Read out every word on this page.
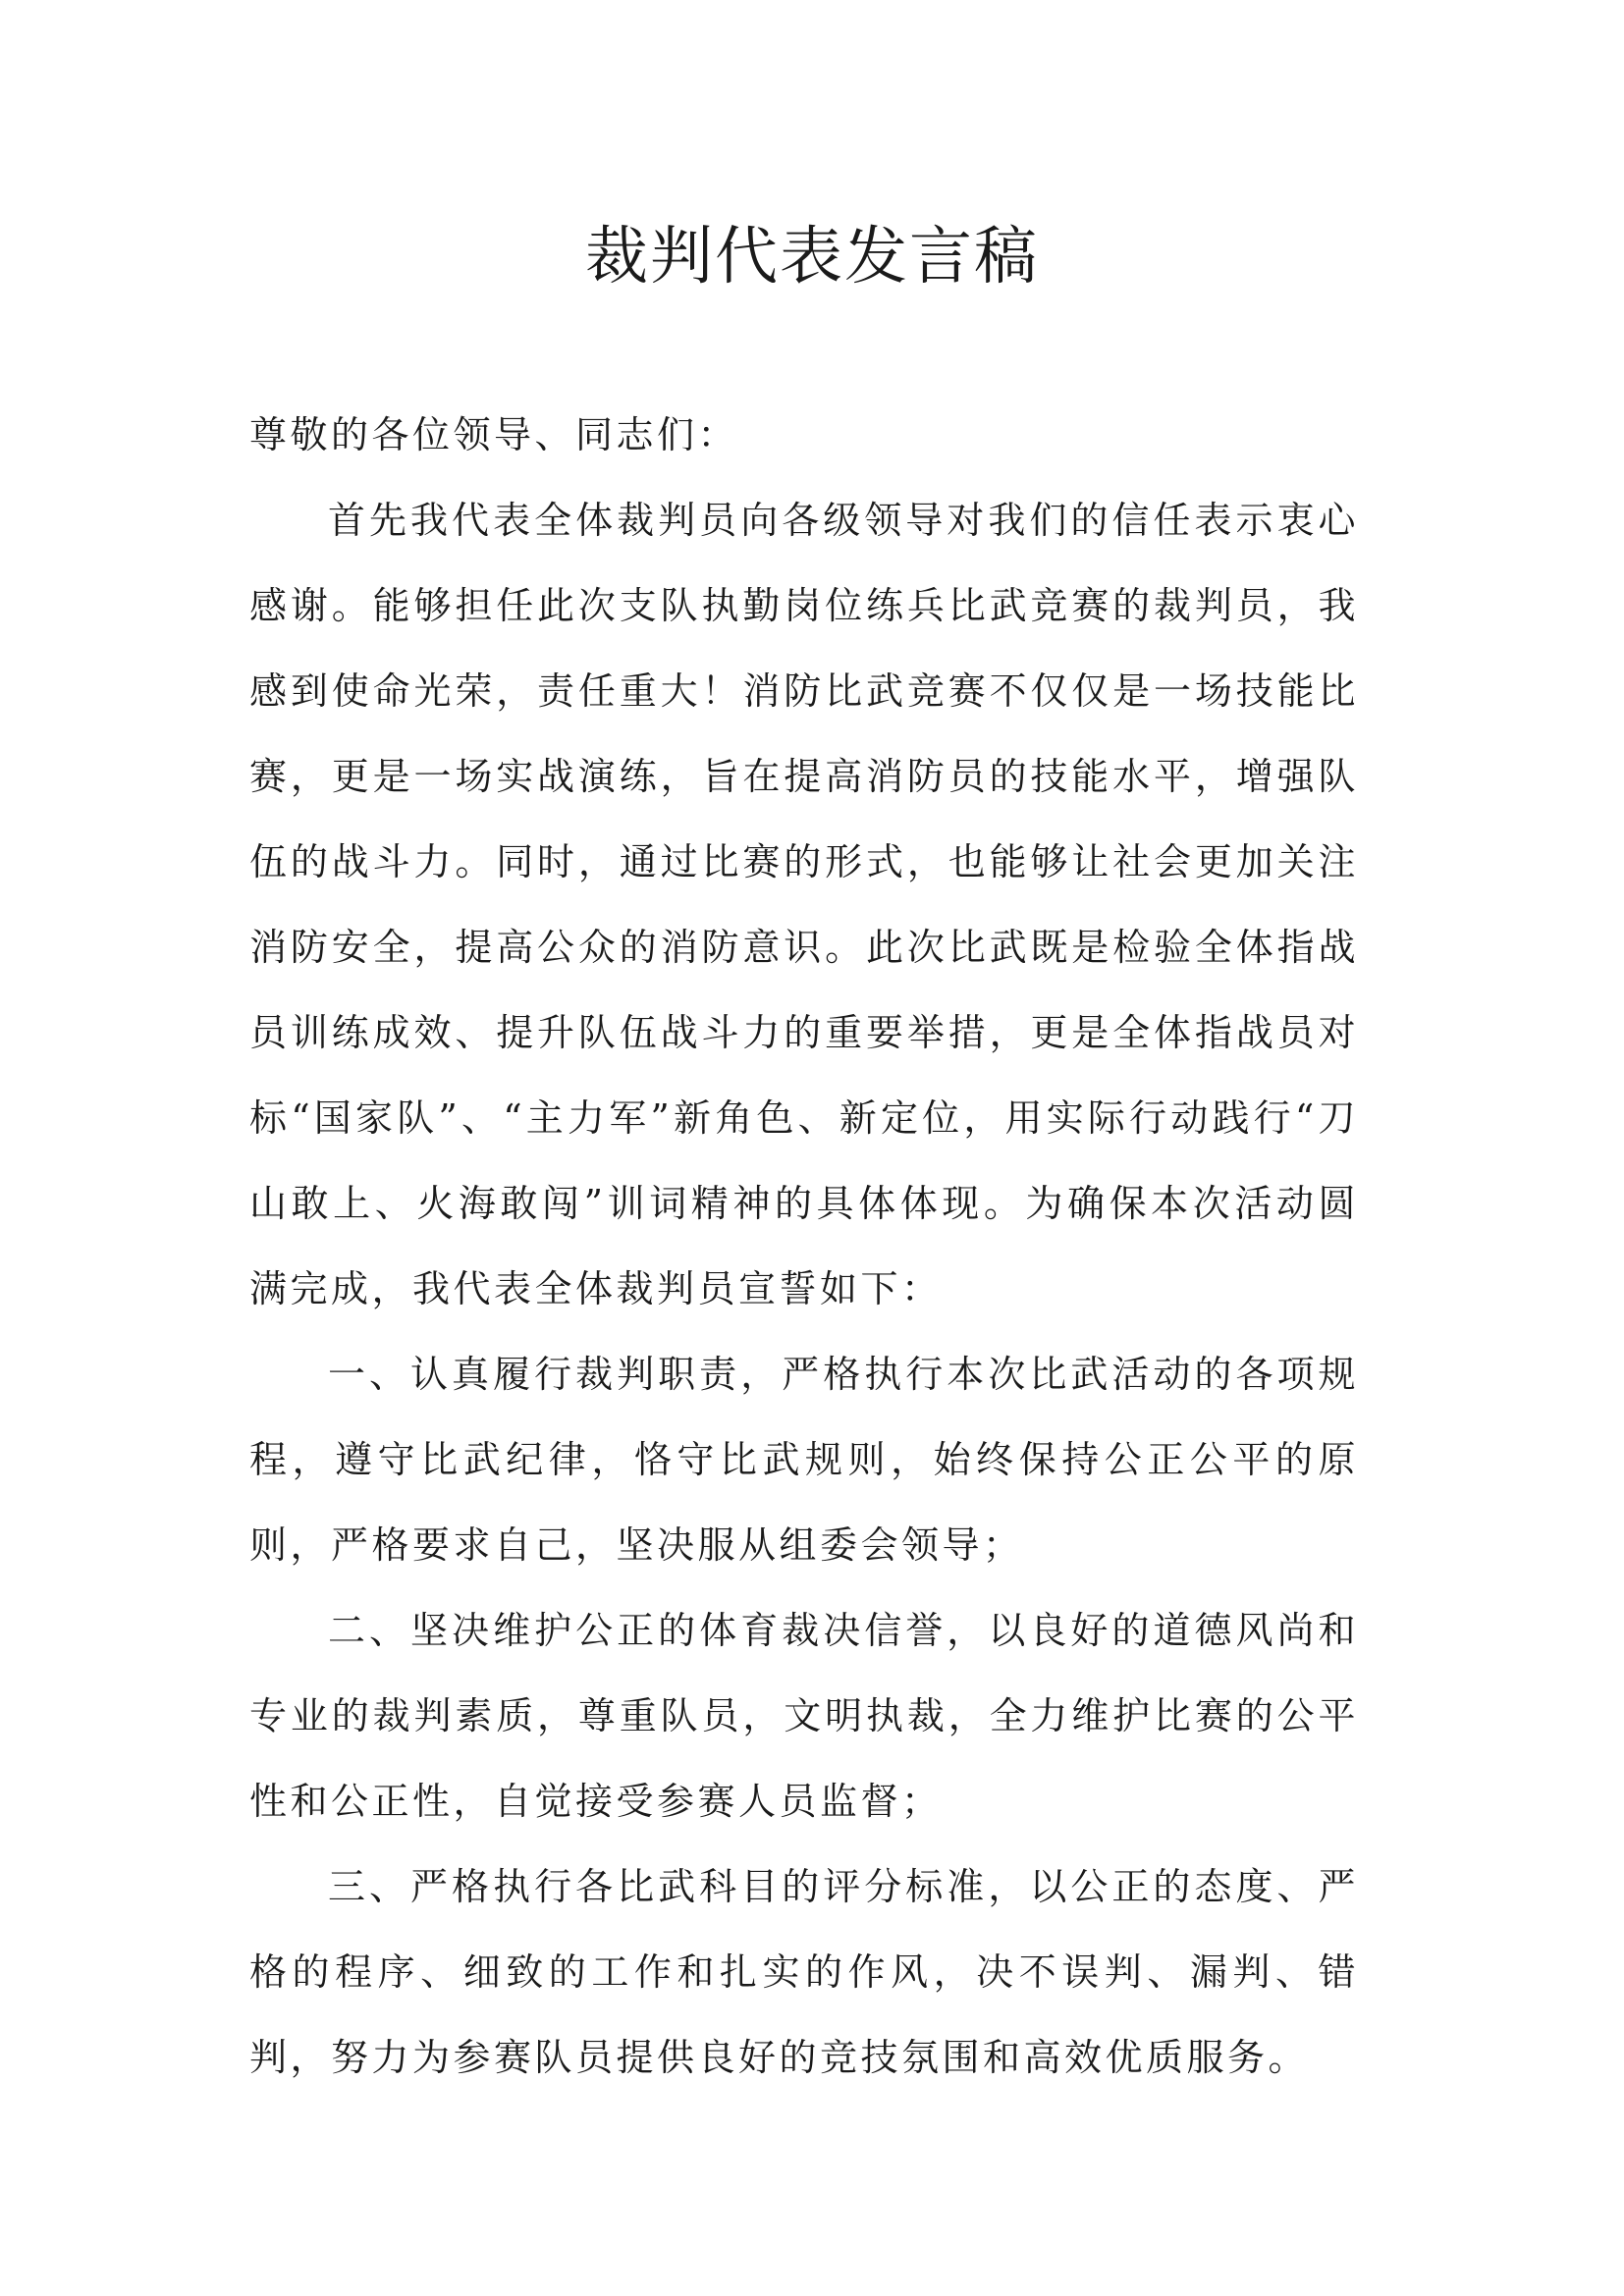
裁判代表发言稿

尊敬的各位领导、同志们：

首先我代表全体裁判员向各级领导对我们的信任表示衷心感谢。能够担任此次支队执勤岗位练兵比武竞赛的裁判员，我感到使命光荣，责任重大！消防比武竞赛不仅仅是一场技能比赛，更是一场实战演练，旨在提高消防员的技能水平，增强队伍的战斗力。同时，通过比赛的形式，也能够让社会更加关注消防安全，提高公众的消防意识。此次比武既是检验全体指战员训练成效、提升队伍战斗力的重要举措，更是全体指战员对标“国家队”、“主力军”新角色、新定位，用实际行动践行“刀山敢上、火海敢闯”训词精神的具体体现。为确保本次活动圆满完成，我代表全体裁判员宣誓如下：

一、认真履行裁判职责，严格执行本次比武活动的各项规程，遵守比武纪律，恪守比武规则，始终保持公正公平的原则，严格要求自己，坚决服从组委会领导；

二、坚决维护公正的体育裁决信誉，以良好的道德风尚和专业的裁判素质，尊重队员，文明执裁，全力维护比赛的公平性和公正性，自觉接受参赛人员监督；

三、严格执行各比武科目的评分标准，以公正的态度、严格的程序、细致的工作和扎实的作风，决不误判、漏判、错判，努力为参赛队员提供良好的竞技氛围和高效优质服务。
